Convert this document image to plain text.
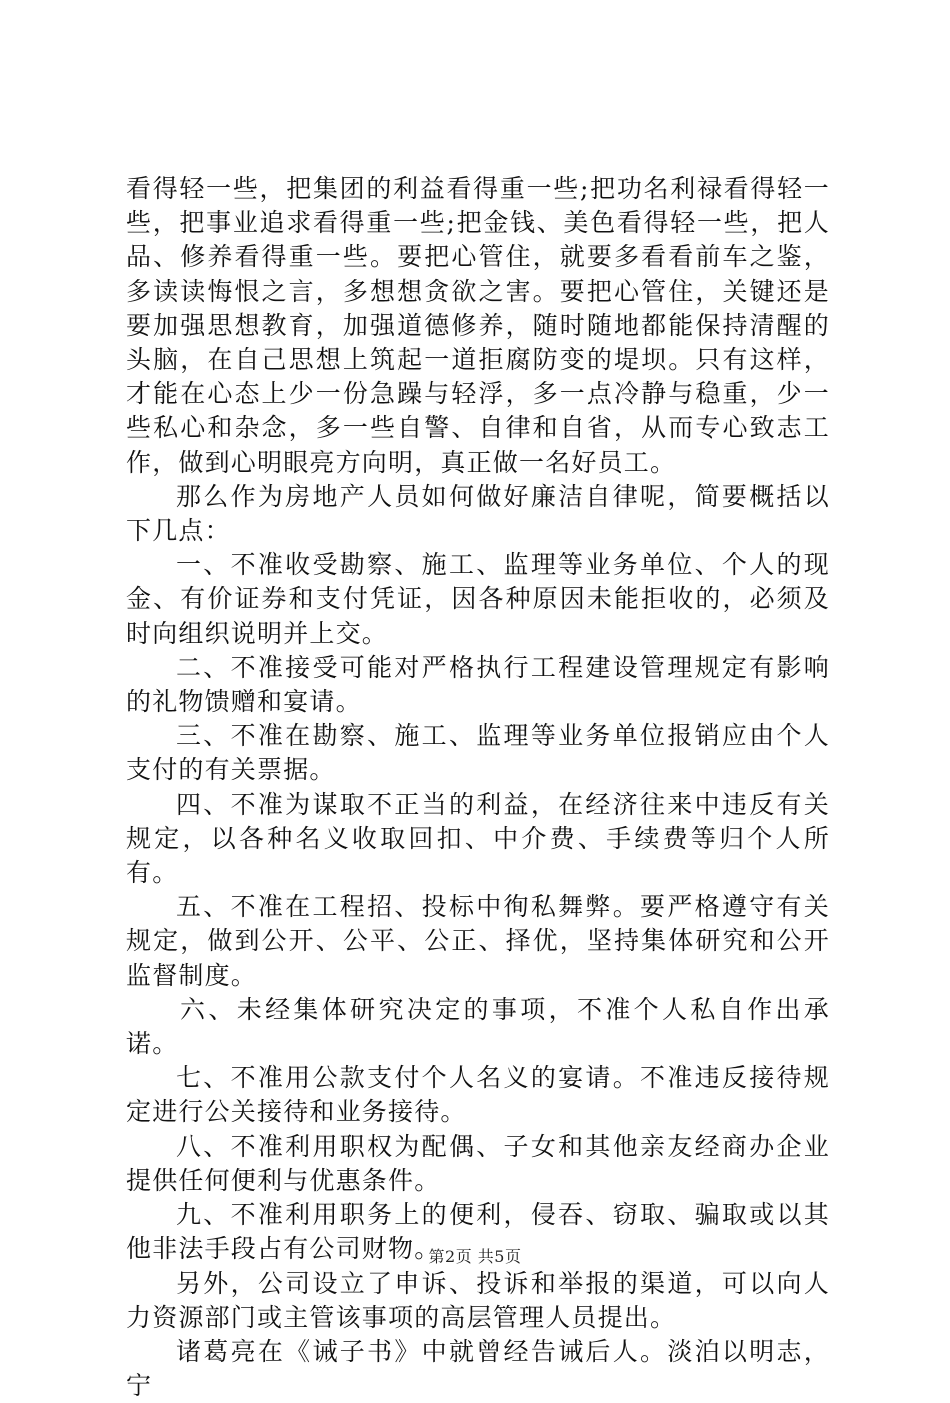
看得轻一些，把集团的利益看得重一些;把功名利禄看得轻一些，把事业追求看得重一些;把金钱、美色看得轻一些，把人品、修养看得重一些。要把心管住，就要多看看前车之鉴，多读读悔恨之言，多想想贪欲之害。要把心管住，关键还是要加强思想教育，加强道德修养，随时随地都能保持清醒的头脑，在自己思想上筑起一道拒腐防变的堤坝。只有这样，才能在心态上少一份急躁与轻浮，多一点冷静与稳重，少一些私心和杂念，多一些自警、自律和自省，从而专心致志工作，做到心明眼亮方向明，真正做一名好员工。

那么作为房地产人员如何做好廉洁自律呢，简要概括以下几点：

一、不准收受勘察、施工、监理等业务单位、个人的现金、有价证券和支付凭证，因各种原因未能拒收的，必须及时向组织说明并上交。

二、不准接受可能对严格执行工程建设管理规定有影响的礼物馈赠和宴请。

三、不准在勘察、施工、监理等业务单位报销应由个人支付的有关票据。

四、不准为谋取不正当的利益，在经济往来中违反有关规定，以各种名义收取回扣、中介费、手续费等归个人所有。

五、不准在工程招、投标中徇私舞弊。要严格遵守有关规定，做到公开、公平、公正、择优，坚持集体研究和公开监督制度。

六、未经集体研究决定的事项，不准个人私自作出承诺。

七、不准用公款支付个人名义的宴请。不准违反接待规定进行公关接待和业务接待。

八、不准利用职权为配偶、子女和其他亲友经商办企业提供任何便利与优惠条件。

九、不准利用职务上的便利，侵吞、窃取、骗取或以其他非法手段占有公司财物。

另外，公司设立了申诉、投诉和举报的渠道，可以向人力资源部门或主管该事项的高层管理人员提出。

诸葛亮在《诫子书》中就曾经告诫后人。淡泊以明志，宁

第2页 共5页
